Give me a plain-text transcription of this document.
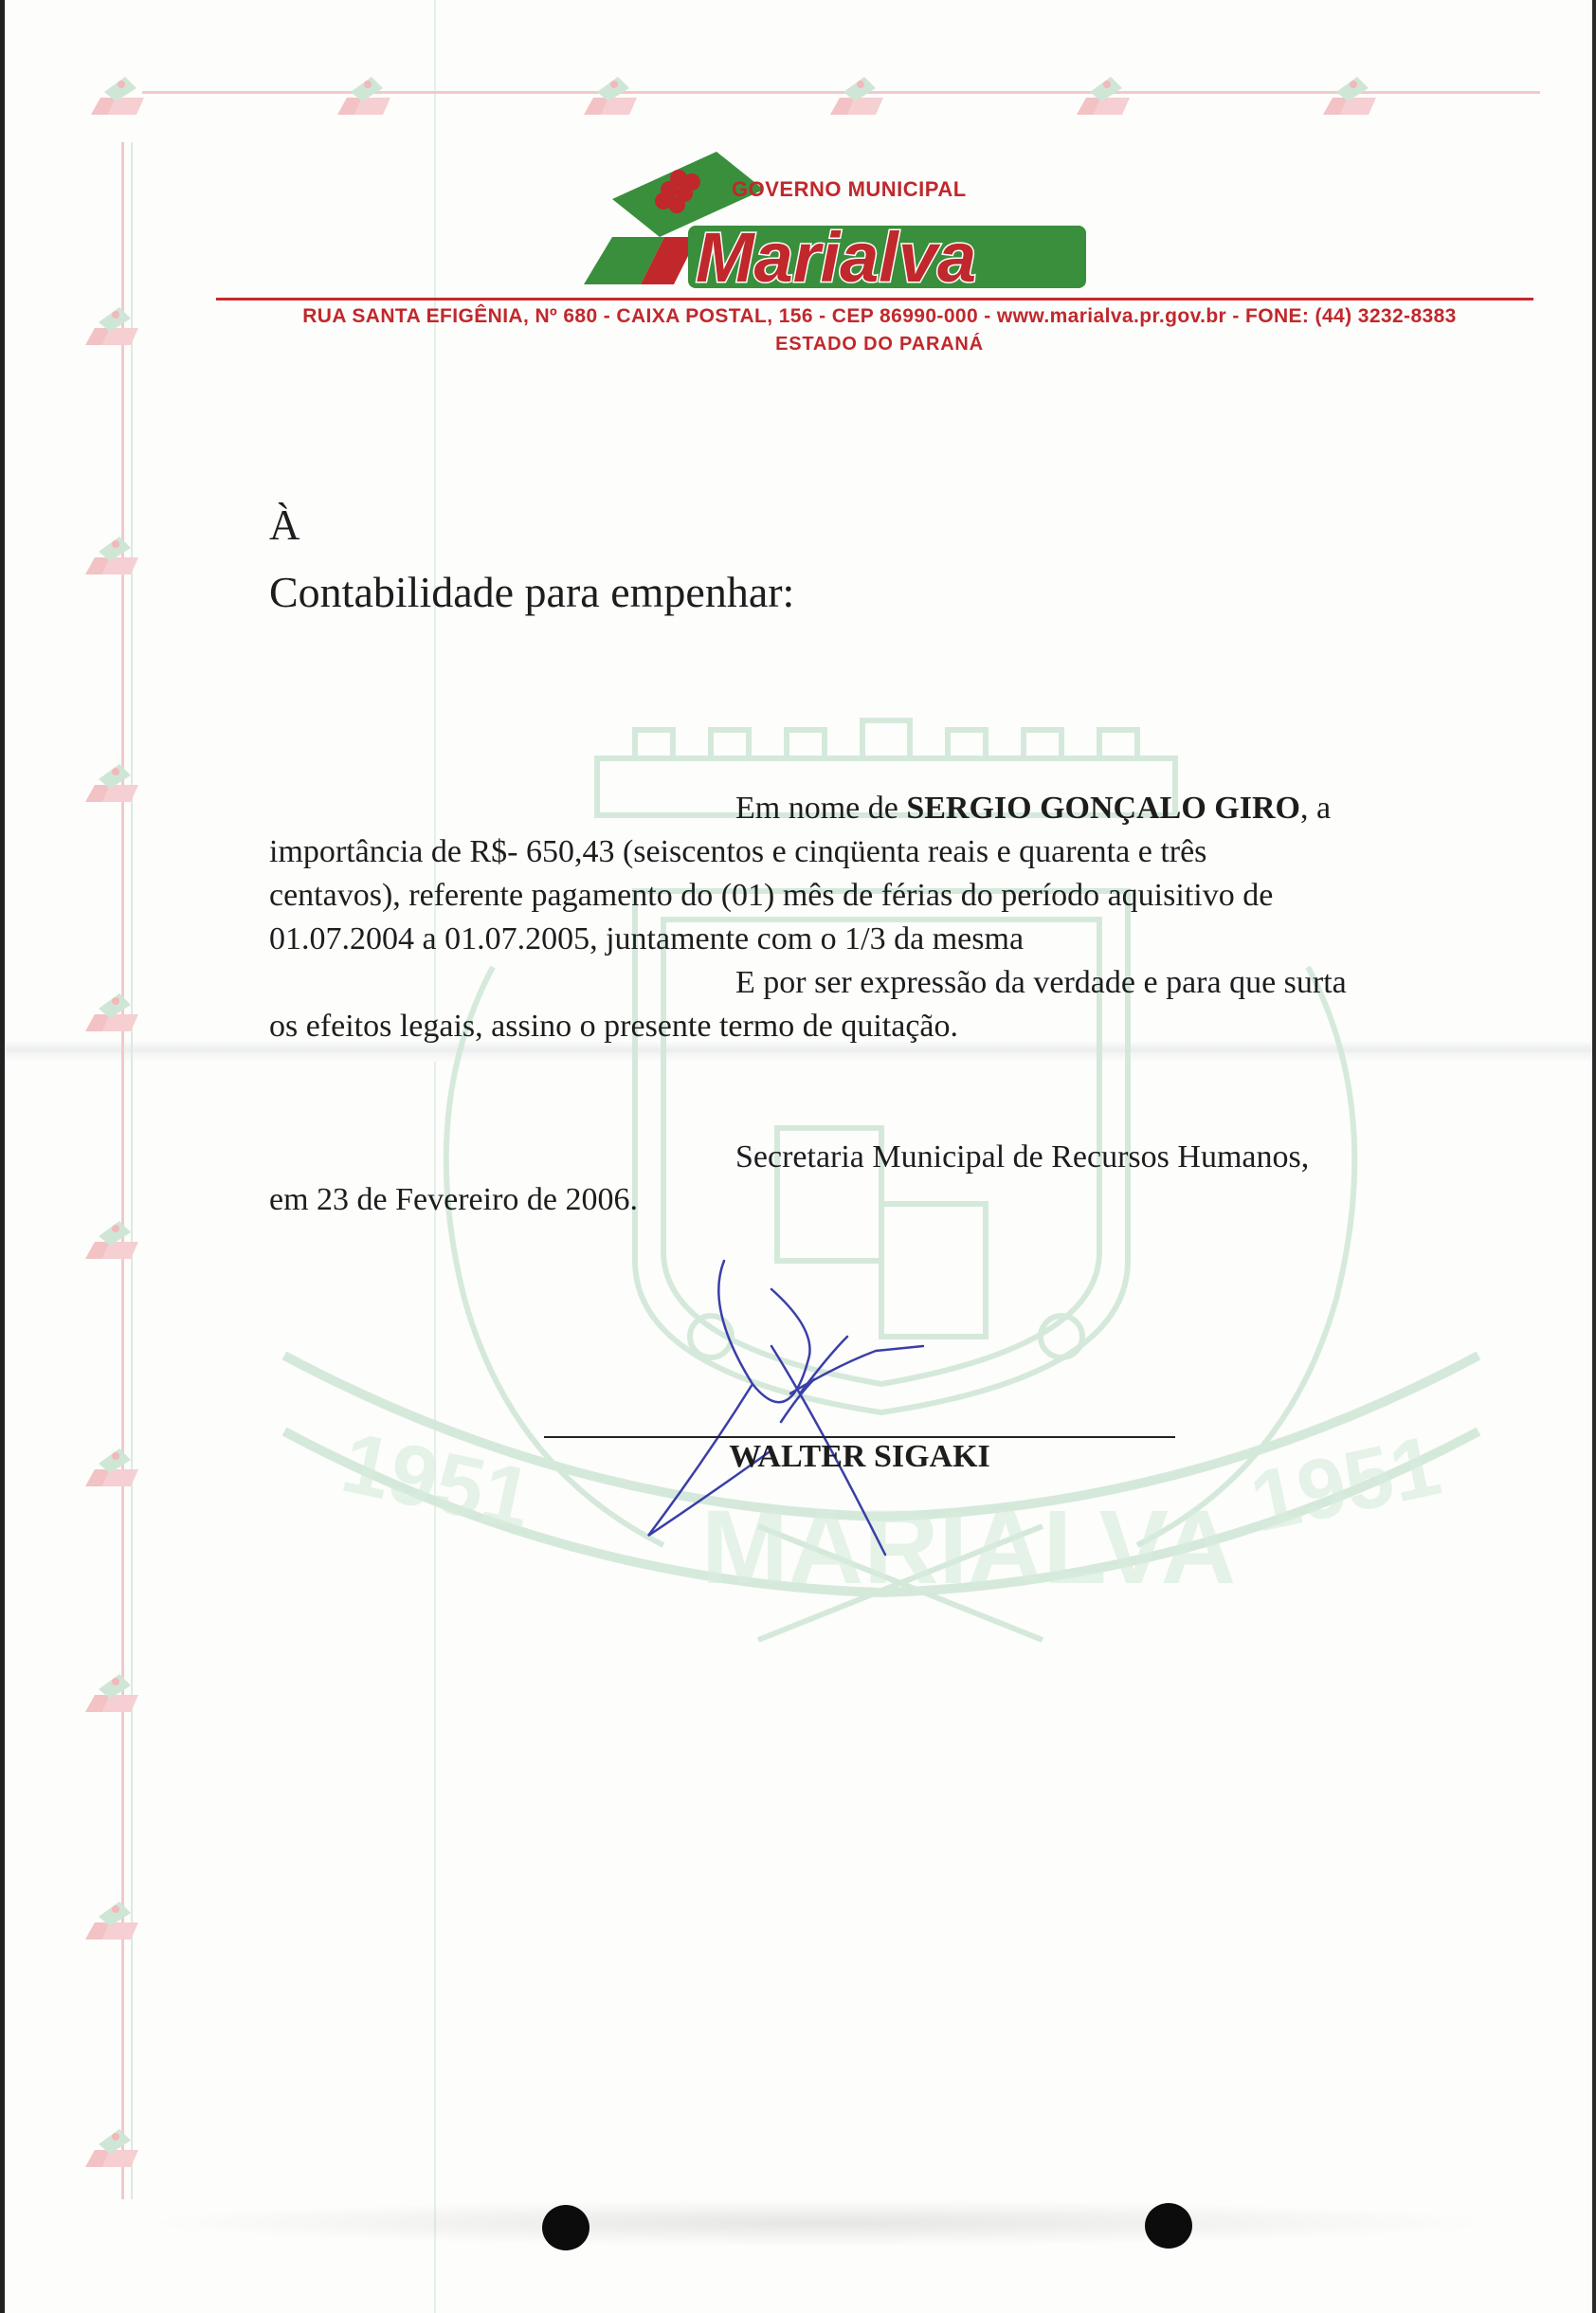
1951
MARIALVA 1951
Marialva
GOVERNO MUNICIPAL
RUA SANTA EFIGÊNIA, Nº 680 - CAIXA POSTAL, 156 - CEP 86990-000 - www.marialva.pr.gov.br - FONE: (44) 3232-8383
ESTADO DO PARANÁ
À
Contabilidade para empenhar:
Em nome de SERGIO GONÇALO GIRO, a
importância de R$- 650,43 (seiscentos e cinqüenta reais e quarenta e três
centavos), referente pagamento do (01) mês de férias do período aquisitivo de
01.07.2004 a 01.07.2005, juntamente com o 1/3 da mesma
E por ser expressão da verdade e para que surta
os efeitos legais, assino o presente termo de quitação.
Secretaria Municipal de Recursos Humanos,
em 23 de Fevereiro de 2006.
WALTER SIGAKI
